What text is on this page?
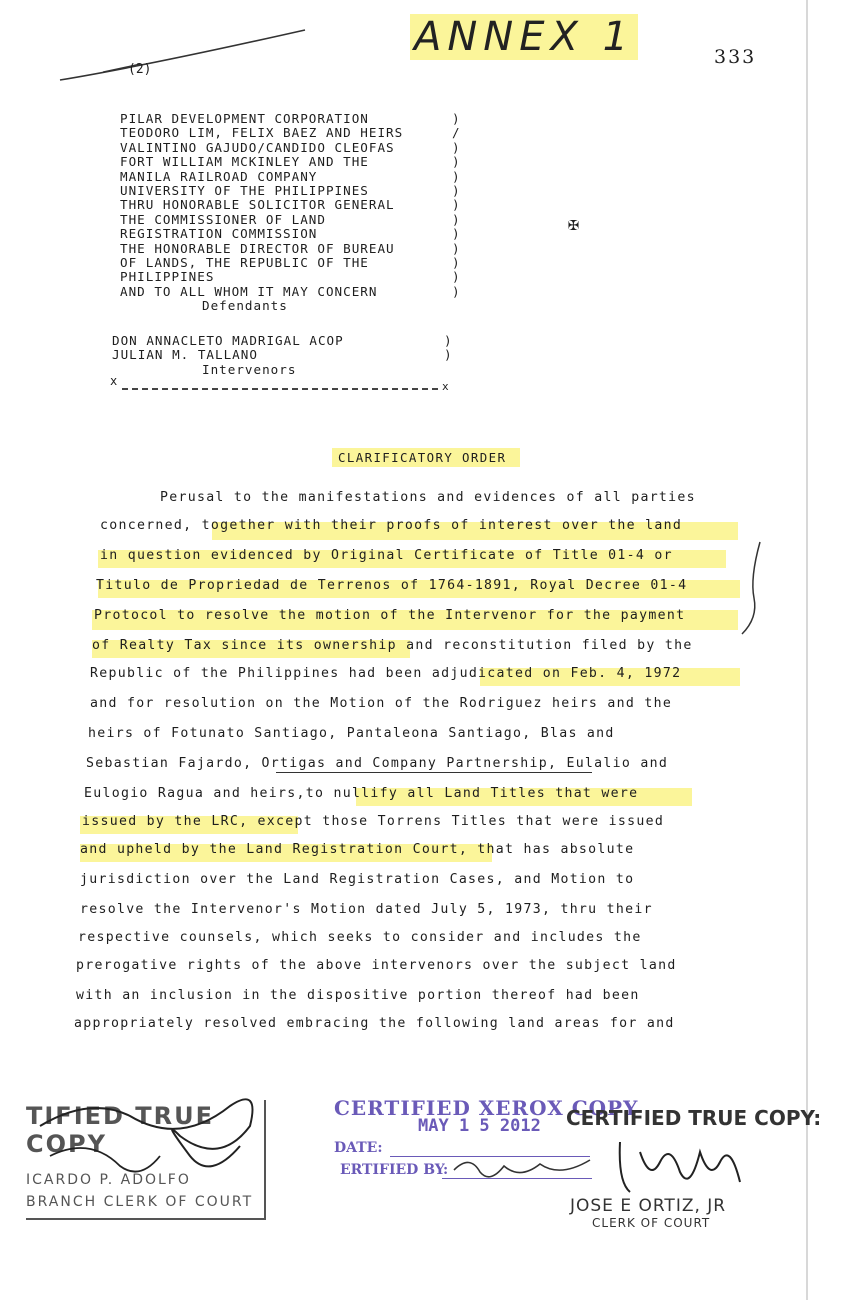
(2)
ANNEX 1	333
PILAR DEVELOPMENT CORPORATION
TEODORO LIM, FELIX BAEZ AND HEIRS
VALINTINO GAJUDO/CANDIDO CLEOFAS
FORT WILLIAM MCKINLEY AND THE
MANILA RAILROAD COMPANY
UNIVERSITY OF THE PHILIPPINES
THRU HONORABLE SOLICITOR GENERAL
THE COMMISSIONER OF LAND
REGISTRATION COMMISSION
THE HONORABLE DIRECTOR OF BUREAU
OF LANDS, THE REPUBLIC OF THE
PHILIPPINES
AND TO ALL WHOM IT MAY CONCERN
Defendants
)
/
)
)
)
)
)
)
)
)
)
)
)
DON ANNACLETO MADRIGAL ACOP
JULIAN M. TALLANO
Intervenors
)
)
x	x
✠
CLARIFICATORY ORDER
Perusal to the manifestations and evidences of all parties
concerned, together with their proofs of interest over the land
in question evidenced by Original Certificate of Title 01-4 or
Titulo de Propriedad de Terrenos of 1764-1891, Royal Decree 01-4
Protocol to resolve the motion of the Intervenor for the payment
of Realty Tax since its ownership and reconstitution filed by the
Republic of the Philippines had been adjudicated on Feb. 4, 1972
and for resolution on the Motion of the Rodriguez heirs and the
heirs of Fotunato Santiago, Pantaleona Santiago, Blas and
Sebastian Fajardo, Ortigas and Company Partnership, Eulalio and
Eulogio Ragua and heirs,to nullify all Land Titles that were
issued by the LRC, except those Torrens Titles that were issued
and upheld by the Land Registration Court, that has absolute
jurisdiction over the Land Registration Cases, and Motion to
resolve the Intervenor's Motion dated July 5, 1973, thru their
respective counsels, which seeks to consider and includes the
prerogative rights of the above intervenors over the subject land
with an inclusion in the dispositive portion thereof had been
appropriately resolved embracing the following land areas for and
TIFIED TRUE COPY
ICARDO P. ADOLFO
BRANCH CLERK OF COURT
CERTIFIED XEROX COPY
MAY 1 5 2012
DATE:
ERTIFIED BY:
CERTIFIED TRUE COPY:
JOSE E ORTIZ, JR
CLERK OF COURT
